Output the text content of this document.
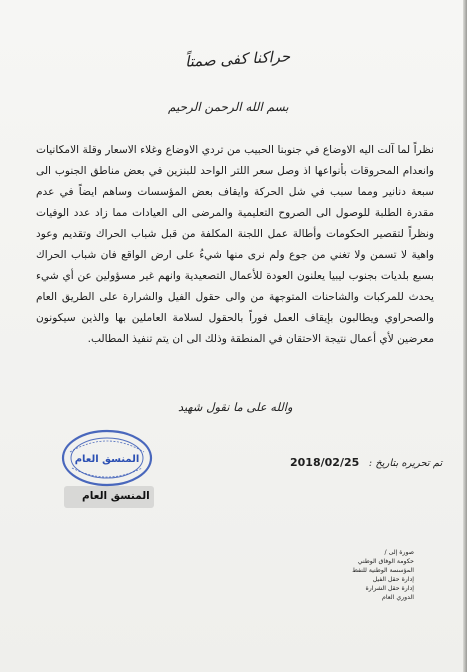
حراكنا كفى صمتاً
بسم الله الرحمن الرحيم
نظراً لما آلت اليه الاوضاع في جنوبنا الحبيب من تردي الاوضاع وغلاء الاسعار وقلة الامكانيات وانعدام المحروقات بأنواعها اذ وصل سعر اللتر الواحد للبنزين في بعض مناطق الجنوب الى سبعة دنانير ومما سبب في شل الحركة وايقاف بعض المؤسسات وساهم ايضاً في عدم مقدرة الطلبة للوصول الى الصروح التعليمية والمرضى الى العيادات مما زاد عدد الوفيات ونظراً لتقصير الحكومات وأطالة عمل اللجنة المكلفة من قبل شباب الحراك وتقديم وعود واهية لا تسمن ولا تغني من جوع ولم نرى منها شيءُ على ارض الواقع فان شباب الحراك بسبع بلديات بجنوب ليبيا يعلنون العودة للأعمال التصعيدية وانهم غير مسؤولين عن أي شيء يحدث للمركبات والشاحنات المتوجهة من والى حقول الفيل والشرارة على الطريق العام والصحراوي ويطالبون بإيقاف العمل فوراً بالحقول لسلامة العاملين بها والذين سيكونون معرضين لأي أعمال نتيجة الاحتقان في المنطقة وذلك الى ان يتم تنفيذ المطالب.
والله على ما نقول شهيد
المنسق العام
المنسق العام
تم تحريره بتاريخ : 2018/02/25
صورة إلى /
حكومة الوفاق الوطني
المؤسسة الوطنية للنفط
إدارة حقل الفيل
إدارة حقل الشرارة
الدوري العام
